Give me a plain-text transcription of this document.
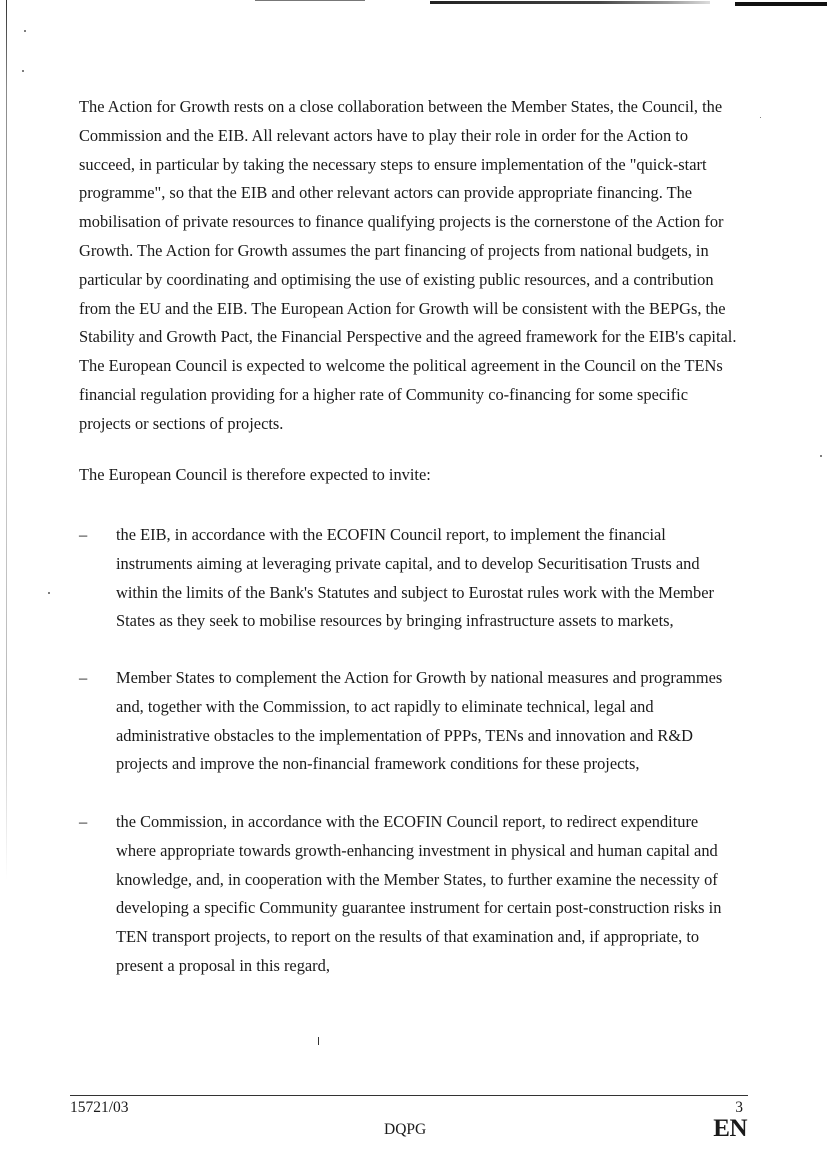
The Action for Growth rests on a close collaboration between the Member States, the Council, the
Commission and the EIB. All relevant actors have to play their role in order for the Action to
succeed, in particular by taking the necessary steps to ensure implementation of the "quick-start
programme", so that the EIB and other relevant actors can provide appropriate financing. The
mobilisation of private resources to finance qualifying projects is the cornerstone of the Action for
Growth. The Action for Growth assumes the part financing of projects from national budgets, in
particular by coordinating and optimising the use of existing public resources, and a contribution
from the EU and the EIB. The European Action for Growth will be consistent with the BEPGs, the
Stability and Growth Pact, the Financial Perspective and the agreed framework for the EIB's capital.
The European Council is expected to welcome the political agreement in the Council on the TENs
financial regulation providing for a higher rate of Community co-financing for some specific
projects or sections of projects.

The European Council is therefore expected to invite:

– the EIB, in accordance with the ECOFIN Council report, to implement the financial
instruments aiming at leveraging private capital, and to develop Securitisation Trusts and
within the limits of the Bank's Statutes and subject to Eurostat rules work with the Member
States as they seek to mobilise resources by bringing infrastructure assets to markets,

– Member States to complement the Action for Growth by national measures and programmes
and, together with the Commission, to act rapidly to eliminate technical, legal and
administrative obstacles to the implementation of PPPs, TENs and innovation and R&D
projects and improve the non-financial framework conditions for these projects,

– the Commission, in accordance with the ECOFIN Council report, to redirect expenditure
where appropriate towards growth-enhancing investment in physical and human capital and
knowledge, and, in cooperation with the Member States, to further examine the necessity of
developing a specific Community guarantee instrument for certain post-construction risks in
TEN transport projects, to report on the results of that examination and, if appropriate, to
present a proposal in this regard,

15721/03
DQPG
3
EN
